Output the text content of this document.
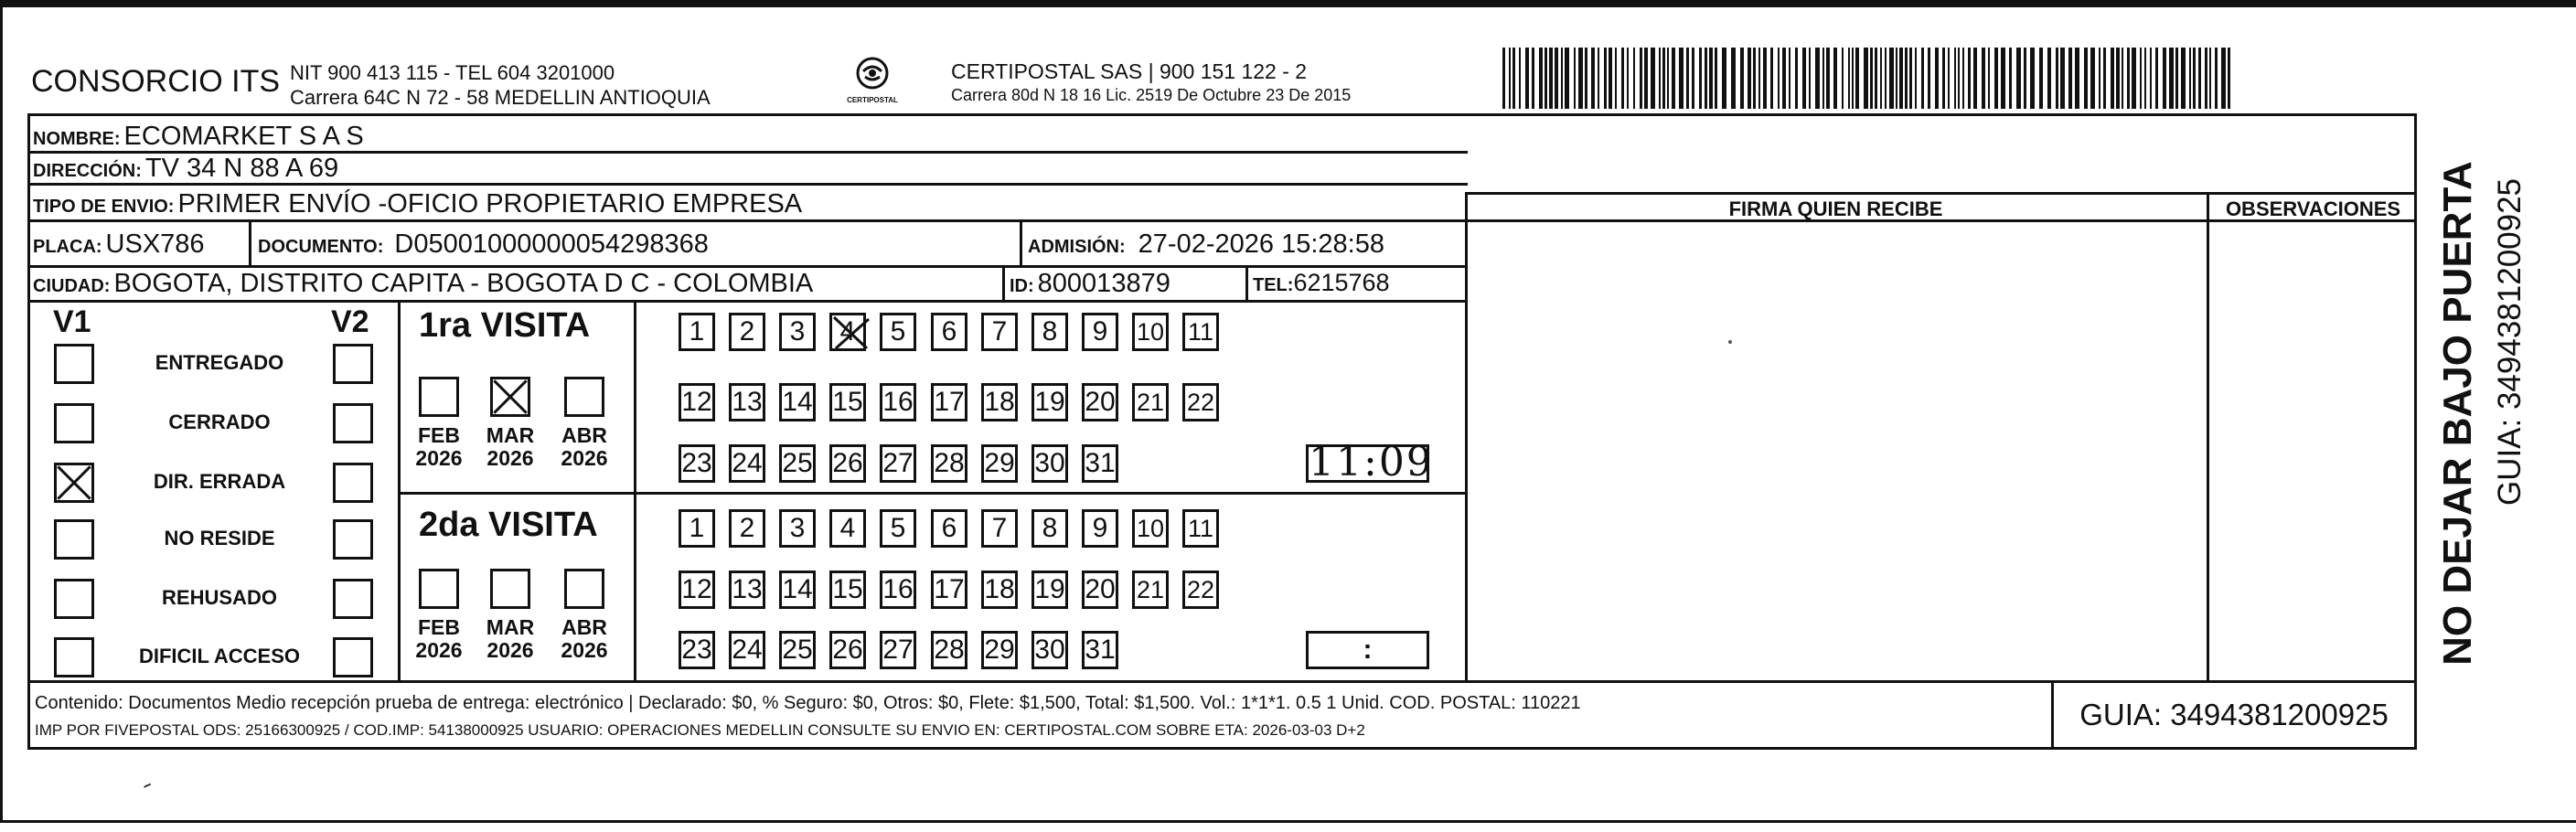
CONSORCIO ITS NIT 900 413 115 - TEL 604 3201000
Carrera 64C N 72 - 58 MEDELLIN ANTIOQUIA	CERTIPOSTAL
CERTIPOSTAL SAS | 900 151 122 - 2
Carrera 80d N 18 16 Lic. 2519 De Octubre 23 De 2015
NOMBRE: ECOMARKET S A S
DIRECCIÓN: TV 34 N 88 A 69
TIPO DE ENVIO: PRIMER ENVÍO -OFICIO PROPIETARIO EMPRESA
PLACA: USX786	DOCUMENTO: D05001000000054298368	ADMISIÓN: 27-02-2026 15:28:58
CIUDAD: BOGOTA, DISTRITO CAPITA - BOGOTA D C - COLOMBIA	ID: 800013879	TEL: 6215768
FIRMA QUIEN RECIBE	OBSERVACIONES
V1	V2
ENTREGADO
CERRADO
DIR. ERRADA
NO RESIDE
REHUSADO
DIFICIL ACCESO
1ra VISITA
FEB
2026
MAR
2026
ABR
2026
1	2	3	4	5	6	7	8	9	10 11
12 13 14 15 16 17 18 19 20 21 22
23 24 25 26 27 28 29 30 31	11:09
2da VISITA
FEB
2026
MAR
2026
ABR
2026
1	2	3	4	5	6	7	8	9	10 11
12 13 14 15 16 17 18 19 20 21 22
23 24 25 26 27 28 29 30 31	:
Contenido: Documentos Medio recepción prueba de entrega: electrónico | Declarado: $0, % Seguro: $0, Otros: $0, Flete: $1,500, Total: $1,500. Vol.: 1*1*1. 0.5 1 Unid. COD. POSTAL: 110221
IMP POR FIVEPOSTAL ODS: 25166300925 / COD.IMP: 54138000925 USUARIO: OPERACIONES MEDELLIN CONSULTE SU ENVIO EN: CERTIPOSTAL.COM SOBRE ETA: 2026-03-03 D+2	GUIA: 3494381200925
NO DEJAR BAJO PUERTA GUIA: 3494381200925
